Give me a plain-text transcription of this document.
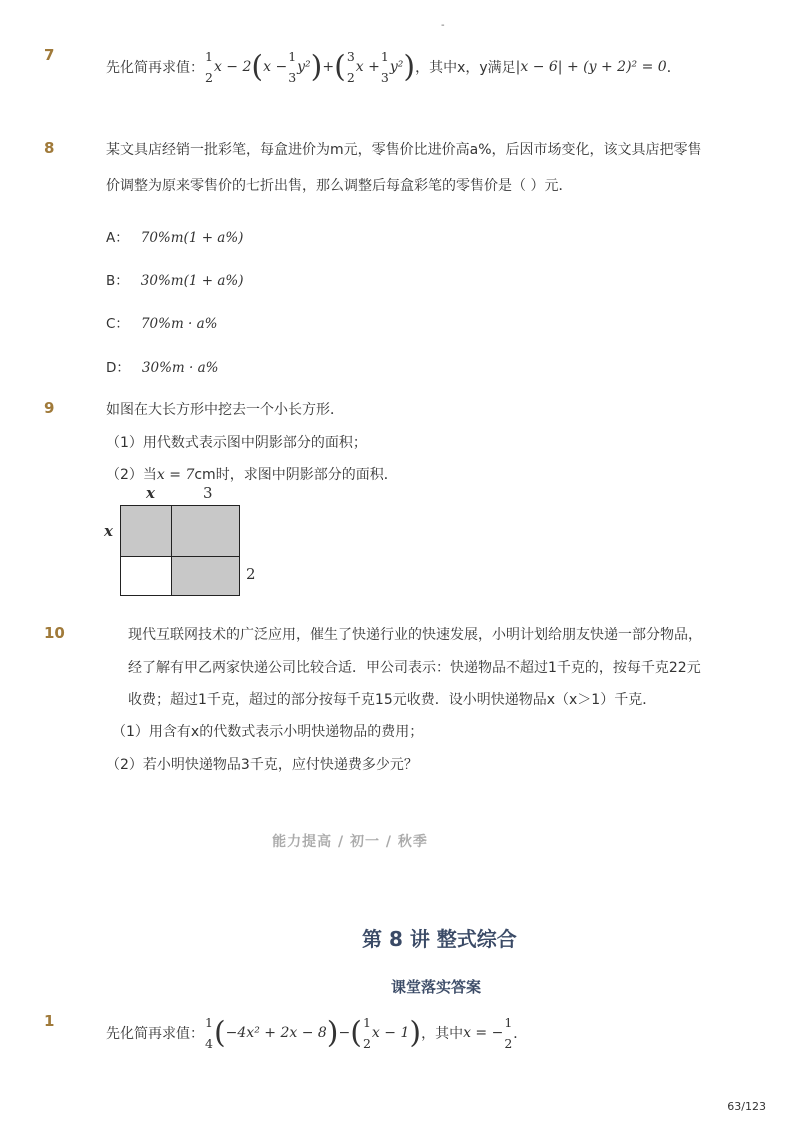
-
7
先化简再求值：
1
2
x − 2(x −
1
3
y²)+( 3
2
x +
1
3
y²)，其中x，y满足|x − 6| + (y + 2)² = 0．
8	某文具店经销一批彩笔，每盒进价为m元，零售价比进价高a%，后因市场变化，该文具店把零售
价调整为原来零售价的七折出售，那么调整后每盒彩笔的零售价是（ ）元．
A： 70%m(1 + a%)
B： 30%m(1 + a%)
C： 70%m · a%
D： 30%m · a%
9	如图在大长方形中挖去一个小长方形．
（1）用代数式表示图中阴影部分的面积；
（2）当x = 7cm时，求图中阴影部分的面积．
x	3
x
2
10	现代互联网技术的广泛应用，催生了快递行业的快速发展，小明计划给朋友快递一部分物品，
经了解有甲乙两家快递公司比较合适．甲公司表示：快递物品不超过1千克的，按每千克22元
收费；超过1千克，超过的部分按每千克15元收费．设小明快递物品x（x＞1）千克．
（1）用含有x的代数式表示小明快递物品的费用；
（2）若小明快递物品3千克，应付快递费多少元？
能力提高 / 初一 / 秋季
第 8 讲 整式综合
课堂落实答案
1
先化简再求值：
1
4 (−4x² + 2x − 8)−( 1
2
x − 1)，其中x = −
1
2
．
63/123
